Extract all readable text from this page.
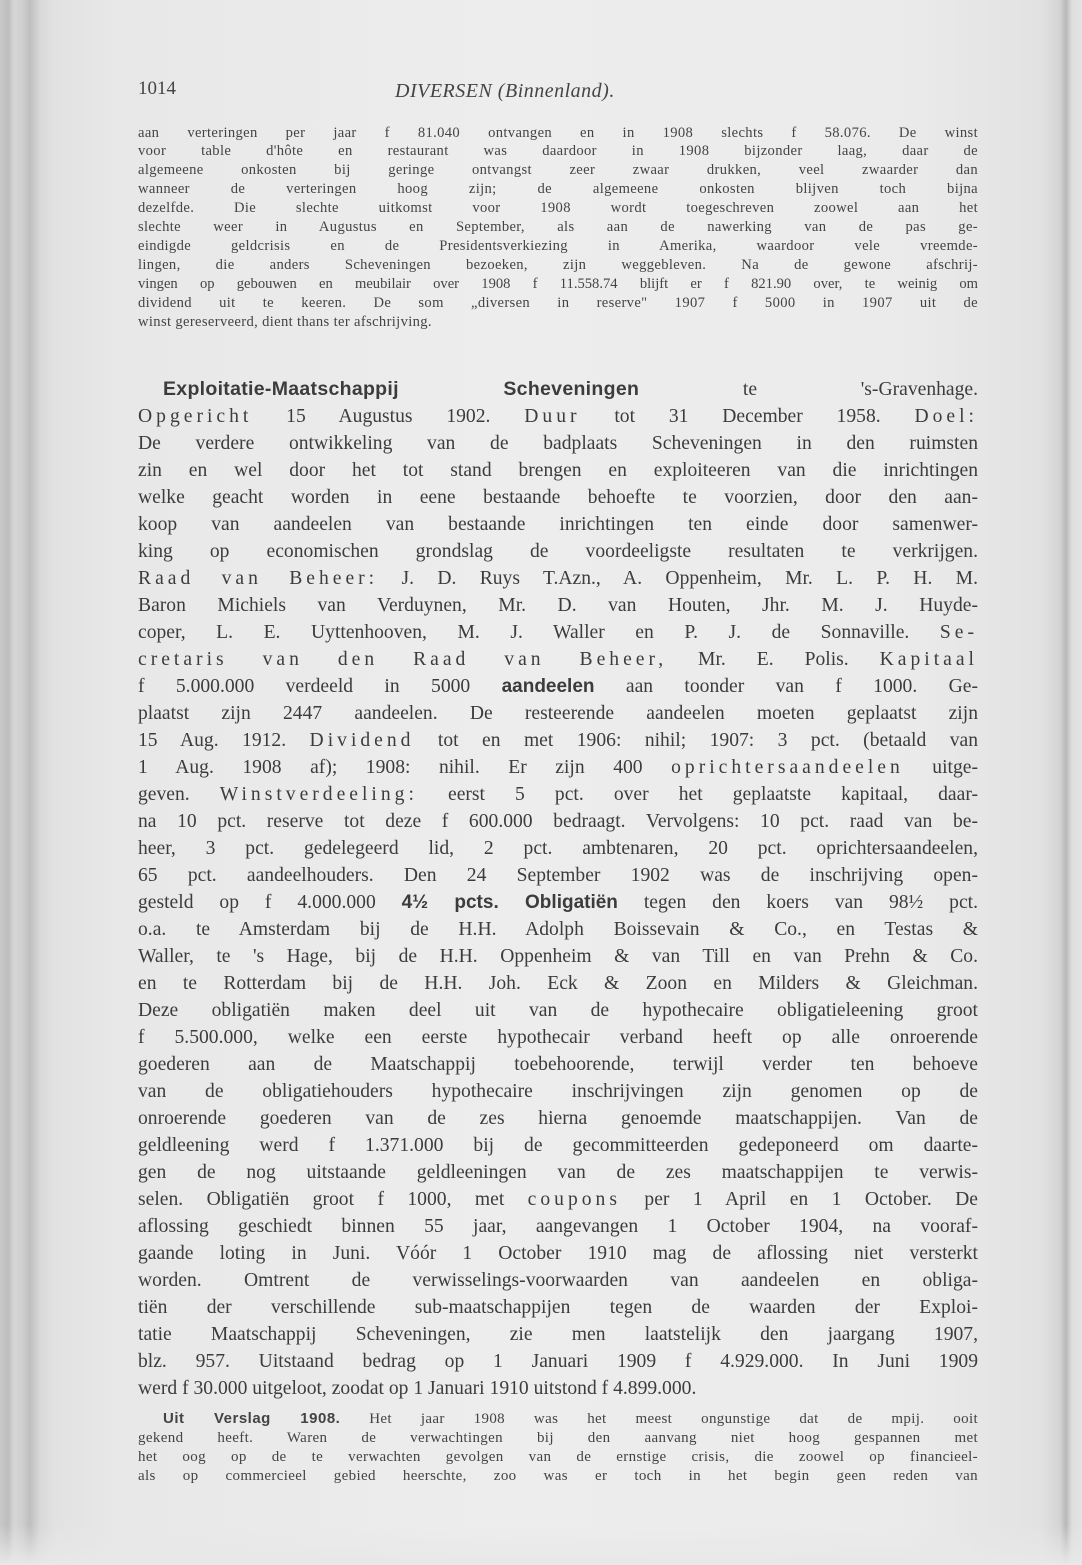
1014	DIVERSEN (Binnenland).
aan verteringen per jaar f 81.040 ontvangen en in 1908 slechts f 58.076. De winst
voor table d'hôte en restaurant was daardoor in 1908 bijzonder laag, daar de
algemeene onkosten bij geringe ontvangst zeer zwaar drukken, veel zwaarder dan
wanneer de verteringen hoog zijn; de algemeene onkosten blijven toch bijna
dezelfde. Die slechte uitkomst voor 1908 wordt toegeschreven zoowel aan het
slechte weer in Augustus en September, als aan de nawerking van de pas ge-
eindigde geldcrisis en de Presidentsverkiezing in Amerika, waardoor vele vreemde-
lingen, die anders Scheveningen bezoeken, zijn weggebleven. Na de gewone afschrij-
vingen op gebouwen en meubilair over 1908 f 11.558.74 blijft er f 821.90 over, te weinig om
dividend uit te keeren. De som „diversen in reserve" 1907 f 5000 in 1907 uit de
winst gereserveerd, dient thans ter afschrijving.
Exploitatie-Maatschappij Scheveningen te 's-Gravenhage.
Opgericht 15 Augustus 1902. Duur tot 31 December 1958. Doel:
De verdere ontwikkeling van de badplaats Scheveningen in den ruimsten
zin en wel door het tot stand brengen en exploiteeren van die inrichtingen
welke geacht worden in eene bestaande behoefte te voorzien, door den aan-
koop van aandeelen van bestaande inrichtingen ten einde door samenwer-
king op economischen grondslag de voordeeligste resultaten te verkrijgen.
Raad van Beheer: J. D. Ruys T.Azn., A. Oppenheim, Mr. L. P. H. M.
Baron Michiels van Verduynen, Mr. D. van Houten, Jhr. M. J. Huyde-
coper, L. E. Uyttenhooven, M. J. Waller en P. J. de Sonnaville. Se-
cretaris van den Raad van Beheer, Mr. E. Polis. Kapitaal
f 5.000.000 verdeeld in 5000 aandeelen aan toonder van f 1000. Ge-
plaatst zijn 2447 aandeelen. De resteerende aandeelen moeten geplaatst zijn
15 Aug. 1912. Dividend tot en met 1906: nihil; 1907: 3 pct. (betaald van
1 Aug. 1908 af); 1908: nihil. Er zijn 400 oprichtersaandeelen uitge-
geven. Winstverdeeling: eerst 5 pct. over het geplaatste kapitaal, daar-
na 10 pct. reserve tot deze f 600.000 bedraagt. Vervolgens: 10 pct. raad van be-
heer, 3 pct. gedelegeerd lid, 2 pct. ambtenaren, 20 pct. oprichtersaandeelen,
65 pct. aandeelhouders. Den 24 September 1902 was de inschrijving open-
gesteld op f 4.000.000 4½ pcts. Obligatiën tegen den koers van 98½ pct.
o.a. te Amsterdam bij de H.H. Adolph Boissevain & Co., en Testas &
Waller, te 's Hage, bij de H.H. Oppenheim & van Till en van Prehn & Co.
en te Rotterdam bij de H.H. Joh. Eck & Zoon en Milders & Gleichman.
Deze obligatiën maken deel uit van de hypothecaire obligatieleening groot
f 5.500.000, welke een eerste hypothecair verband heeft op alle onroerende
goederen aan de Maatschappij toebehoorende, terwijl verder ten behoeve
van de obligatiehouders hypothecaire inschrijvingen zijn genomen op de
onroerende goederen van de zes hierna genoemde maatschappijen. Van de
geldleening werd f 1.371.000 bij de gecommitteerden gedeponeerd om daarte-
gen de nog uitstaande geldleeningen van de zes maatschappijen te verwis-
selen. Obligatiën groot f 1000, met coupons per 1 April en 1 October. De
aflossing geschiedt binnen 55 jaar, aangevangen 1 October 1904, na vooraf-
gaande loting in Juni. Vóór 1 October 1910 mag de aflossing niet versterkt
worden. Omtrent de verwisselings-voorwaarden van aandeelen en obliga-
tiën der verschillende sub-maatschappijen tegen de waarden der Exploi-
tatie Maatschappij Scheveningen, zie men laatstelijk den jaargang 1907,
blz. 957. Uitstaand bedrag op 1 Januari 1909 f 4.929.000. In Juni 1909
werd f 30.000 uitgeloot, zoodat op 1 Januari 1910 uitstond f 4.899.000.
Uit Verslag 1908. Het jaar 1908 was het meest ongunstige dat de mpij. ooit
gekend heeft. Waren de verwachtingen bij den aanvang niet hoog gespannen met
het oog op de te verwachten gevolgen van de ernstige crisis, die zoowel op financieel-
als op commercieel gebied heerschte, zoo was er toch in het begin geen reden van
